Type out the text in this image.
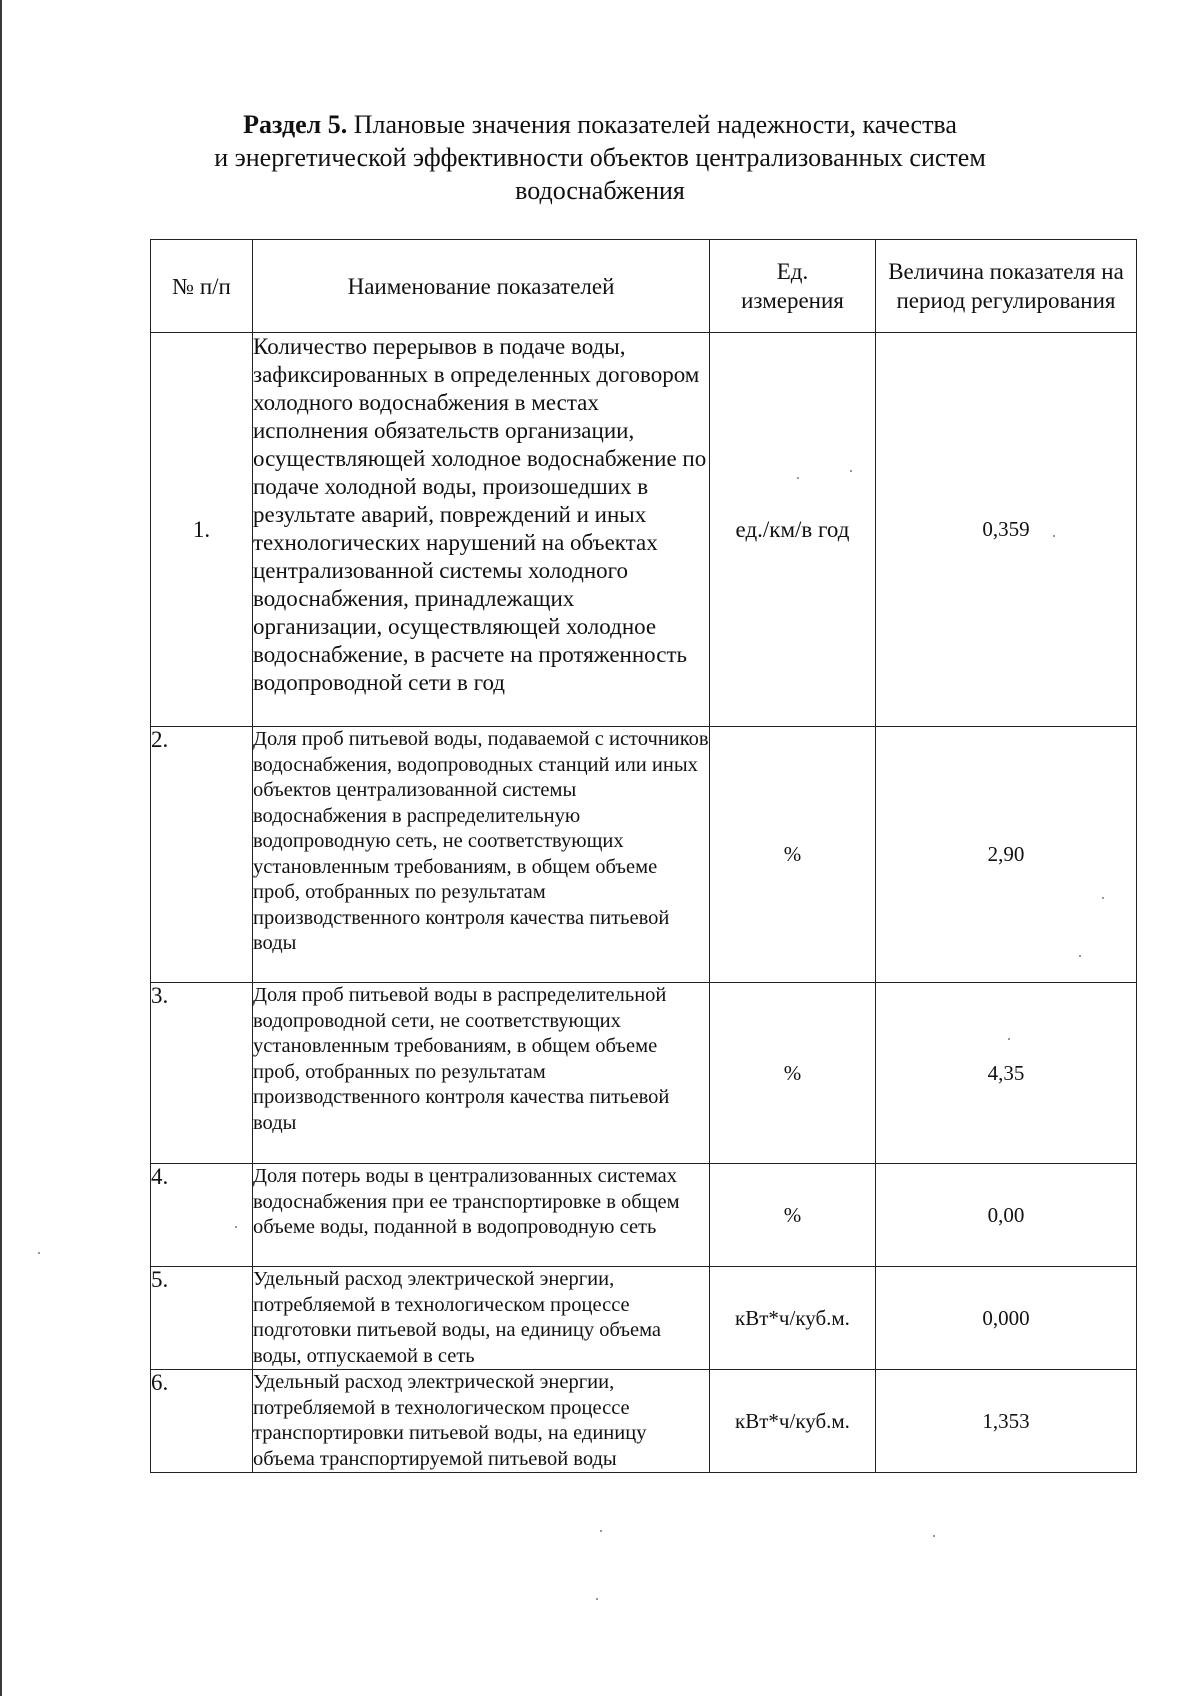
Раздел 5. Плановые значения показателей надежности, качества
и энергетической эффективности объектов централизованных систем
водоснабжения
№ п/п	Наименование показателей	Ед. измерения	Величина показателя на период регулирования
1.	Количество перерывов в подаче воды, зафиксированных в определенных договором холодного водоснабжения в местах исполнения обязательств организации, осуществляющей холодное водоснабжение по подаче холодной воды, произошедших в результате аварий, повреждений и иных технологических нарушений на объектах централизованной системы холодного водоснабжения, принадлежащих организации, осуществляющей холодное водоснабжение, в расчете на протяженность водопроводной сети в год	ед./км/в год	0,359
2.	Доля проб питьевой воды, подаваемой с источников водоснабжения, водопроводных станций или иных объектов централизованной системы водоснабжения в распределительную водопроводную сеть, не соответствующих установленным требованиям, в общем объеме проб, отобранных по результатам производственного контроля качества питьевой воды	%	2,90
3.	Доля проб питьевой воды в распределительной водопроводной сети, не соответствующих установленным требованиям, в общем объеме проб, отобранных по результатам производственного контроля качества питьевой воды	%	4,35
4.	Доля потерь воды в централизованных системах водоснабжения при ее транспортировке в общем объеме воды, поданной в водопроводную сеть	%	0,00
5.	Удельный расход электрической энергии, потребляемой в технологическом процессе подготовки питьевой воды, на единицу объема воды, отпускаемой в сеть	кВт*ч/куб.м.	0,000
6.	Удельный расход электрической энергии, потребляемой в технологическом процессе транспортировки питьевой воды, на единицу объема транспортируемой питьевой воды	кВт*ч/куб.м.	1,353
